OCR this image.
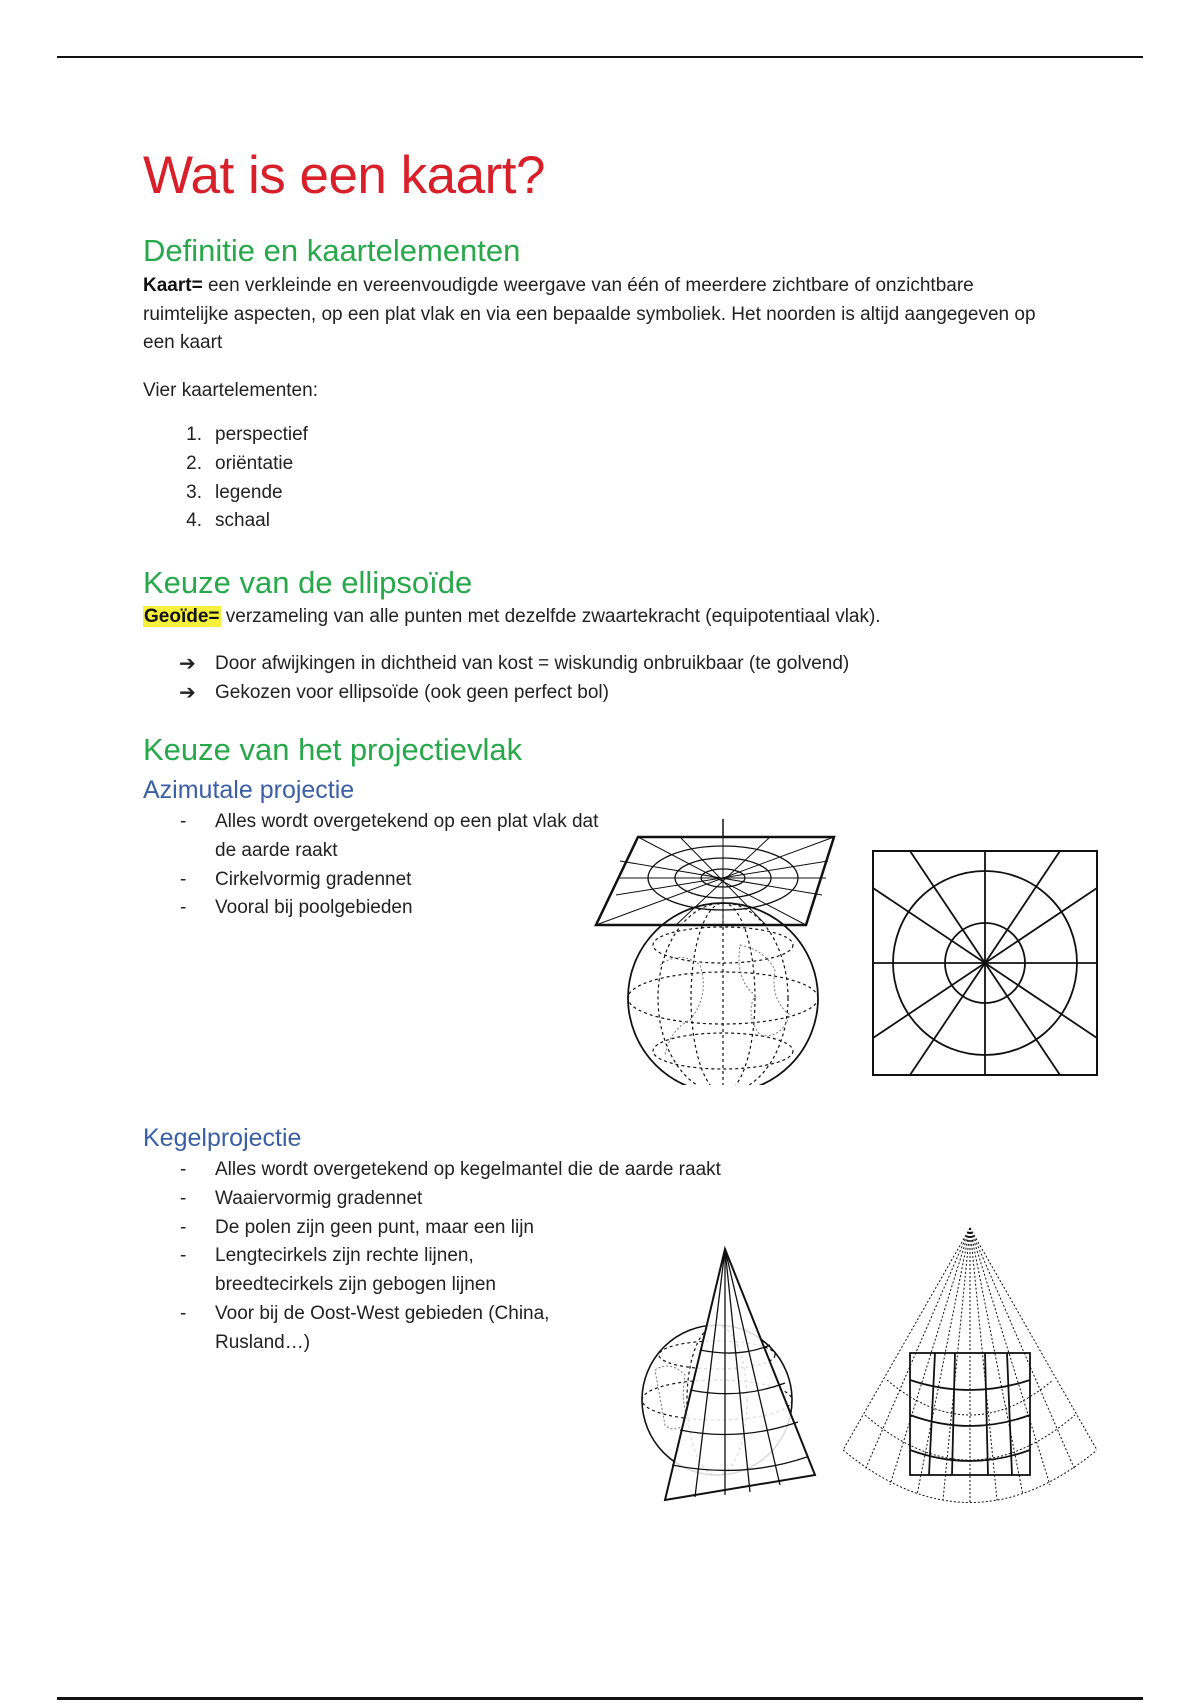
Wat is een kaart?
Definitie en kaartelementen

Kaart= een verkleinde en vereenvoudigde weergave van één of meerdere zichtbare of onzichtbare ruimtelijke aspecten, op een plat vlak en via een bepaalde symboliek. Het noorden is altijd aangegeven op een kaart

Vier kaartelementen:

1. perspectief
2. oriëntatie
3. legende
4. schaal
Keuze van de ellipsoïde

Geoïde= verzameling van alle punten met dezelfde zwaartekracht (equipotentiaal vlak).

➔ Door afwijkingen in dichtheid van kost = wiskundig onbruikbaar (te golvend)
➔ Gekozen voor ellipsoïde (ook geen perfect bol)
Keuze van het projectievlak
Azimutale projectie
- Alles wordt overgetekend op een plat vlak dat de aarde raakt
- Cirkelvormig gradennet
- Vooral bij poolgebieden
Kegelprojectie
- Alles wordt overgetekend op kegelmantel die de aarde raakt
- Waaiervormig gradennet
- De polen zijn geen punt, maar een lijn
- Lengtecirkels zijn rechte lijnen, breedtecirkels zijn gebogen lijnen
- Voor bij de Oost-West gebieden (China, Rusland…)
